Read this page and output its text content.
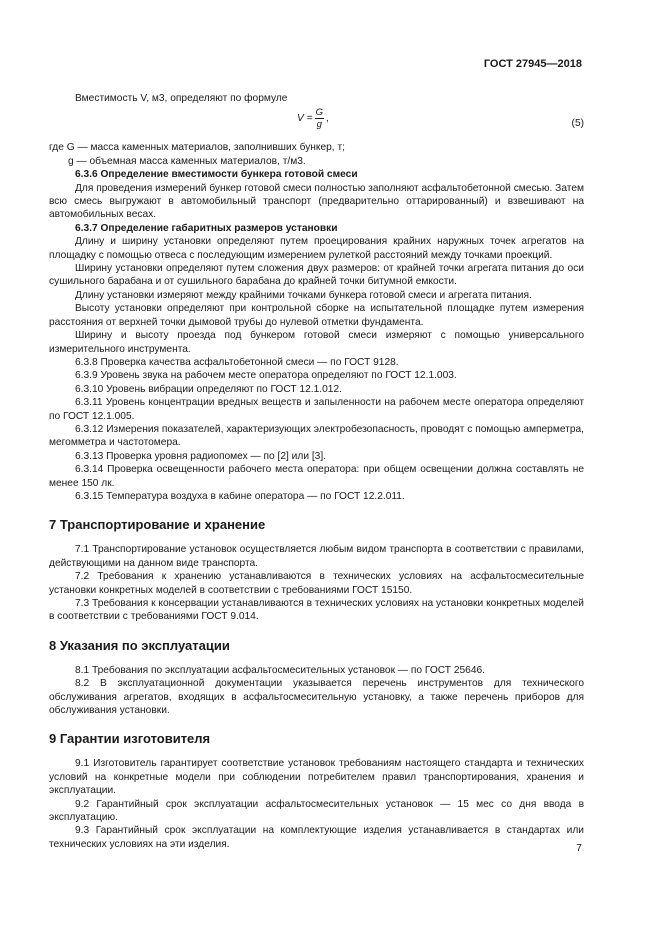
ГОСТ 27945—2018

Вместимость V, м3, определяют по формуле

$V = \frac{G}{g}$ ,	(5)

где G — масса каменных материалов, заполнивших бункер, т;

g — объемная масса каменных материалов, т/м3.

6.3.6 Определение вместимости бункера готовой смеси

Для проведения измерений бункер готовой смеси полностью заполняют асфальтобетонной смесью. Затем всю смесь выгружают в автомобильный транспорт (предварительно оттарированный) и взвешивают на автомобильных весах.

6.3.7 Определение габаритных размеров установки

Длину и ширину установки определяют путем проецирования крайних наружных точек агрегатов на площадку с помощью отвеса с последующим измерением рулеткой расстояний между точками проекций.

Ширину установки определяют путем сложения двух размеров: от крайней точки агрегата питания до оси сушильного барабана и от сушильного барабана до крайней точки битумной емкости.

Длину установки измеряют между крайними точками бункера готовой смеси и агрегата питания.

Высоту установки определяют при контрольной сборке на испытательной площадке путем измерения расстояния от верхней точки дымовой трубы до нулевой отметки фундамента.

Ширину и высоту проезда под бункером готовой смеси измеряют с помощью универсального измерительного инструмента.

6.3.8 Проверка качества асфальтобетонной смеси — по ГОСТ 9128.

6.3.9 Уровень звука на рабочем месте оператора определяют по ГОСТ 12.1.003.

6.3.10 Уровень вибрации определяют по ГОСТ 12.1.012.

6.3.11 Уровень концентрации вредных веществ и запыленности на рабочем месте оператора определяют по ГОСТ 12.1.005.

6.3.12 Измерения показателей, характеризующих электробезопасность, проводят с помощью амперметра, мегомметра и частотомера.

6.3.13 Проверка уровня радиопомех — по [2] или [3].

6.3.14 Проверка освещенности рабочего места оператора: при общем освещении должна составлять не менее 150 лк.

6.3.15 Температура воздуха в кабине оператора — по ГОСТ 12.2.011.

7 Транспортирование и хранение

7.1 Транспортирование установок осуществляется любым видом транспорта в соответствии с правилами, действующими на данном виде транспорта.

7.2 Требования к хранению устанавливаются в технических условиях на асфальтосмесительные установки конкретных моделей в соответствии с требованиями ГОСТ 15150.

7.3 Требования к консервации устанавливаются в технических условиях на установки конкретных моделей в соответствии с требованиями ГОСТ 9.014.

8 Указания по эксплуатации

8.1 Требования по эксплуатации асфальтосмесительных установок — по ГОСТ 25646.

8.2 В эксплуатационной документации указывается перечень инструментов для технического обслуживания агрегатов, входящих в асфальтосмесительную установку, а также перечень приборов для обслуживания установки.

9 Гарантии изготовителя

9.1 Изготовитель гарантирует соответствие установок требованиям настоящего стандарта и технических условий на конкретные модели при соблюдении потребителем правил транспортирования, хранения и эксплуатации.

9.2 Гарантийный срок эксплуатации асфальтосмесительных установок — 15 мес со дня ввода в эксплуатацию.

9.3 Гарантийный срок эксплуатации на комплектующие изделия устанавливается в стандартах или технических условиях на эти изделия.	7
